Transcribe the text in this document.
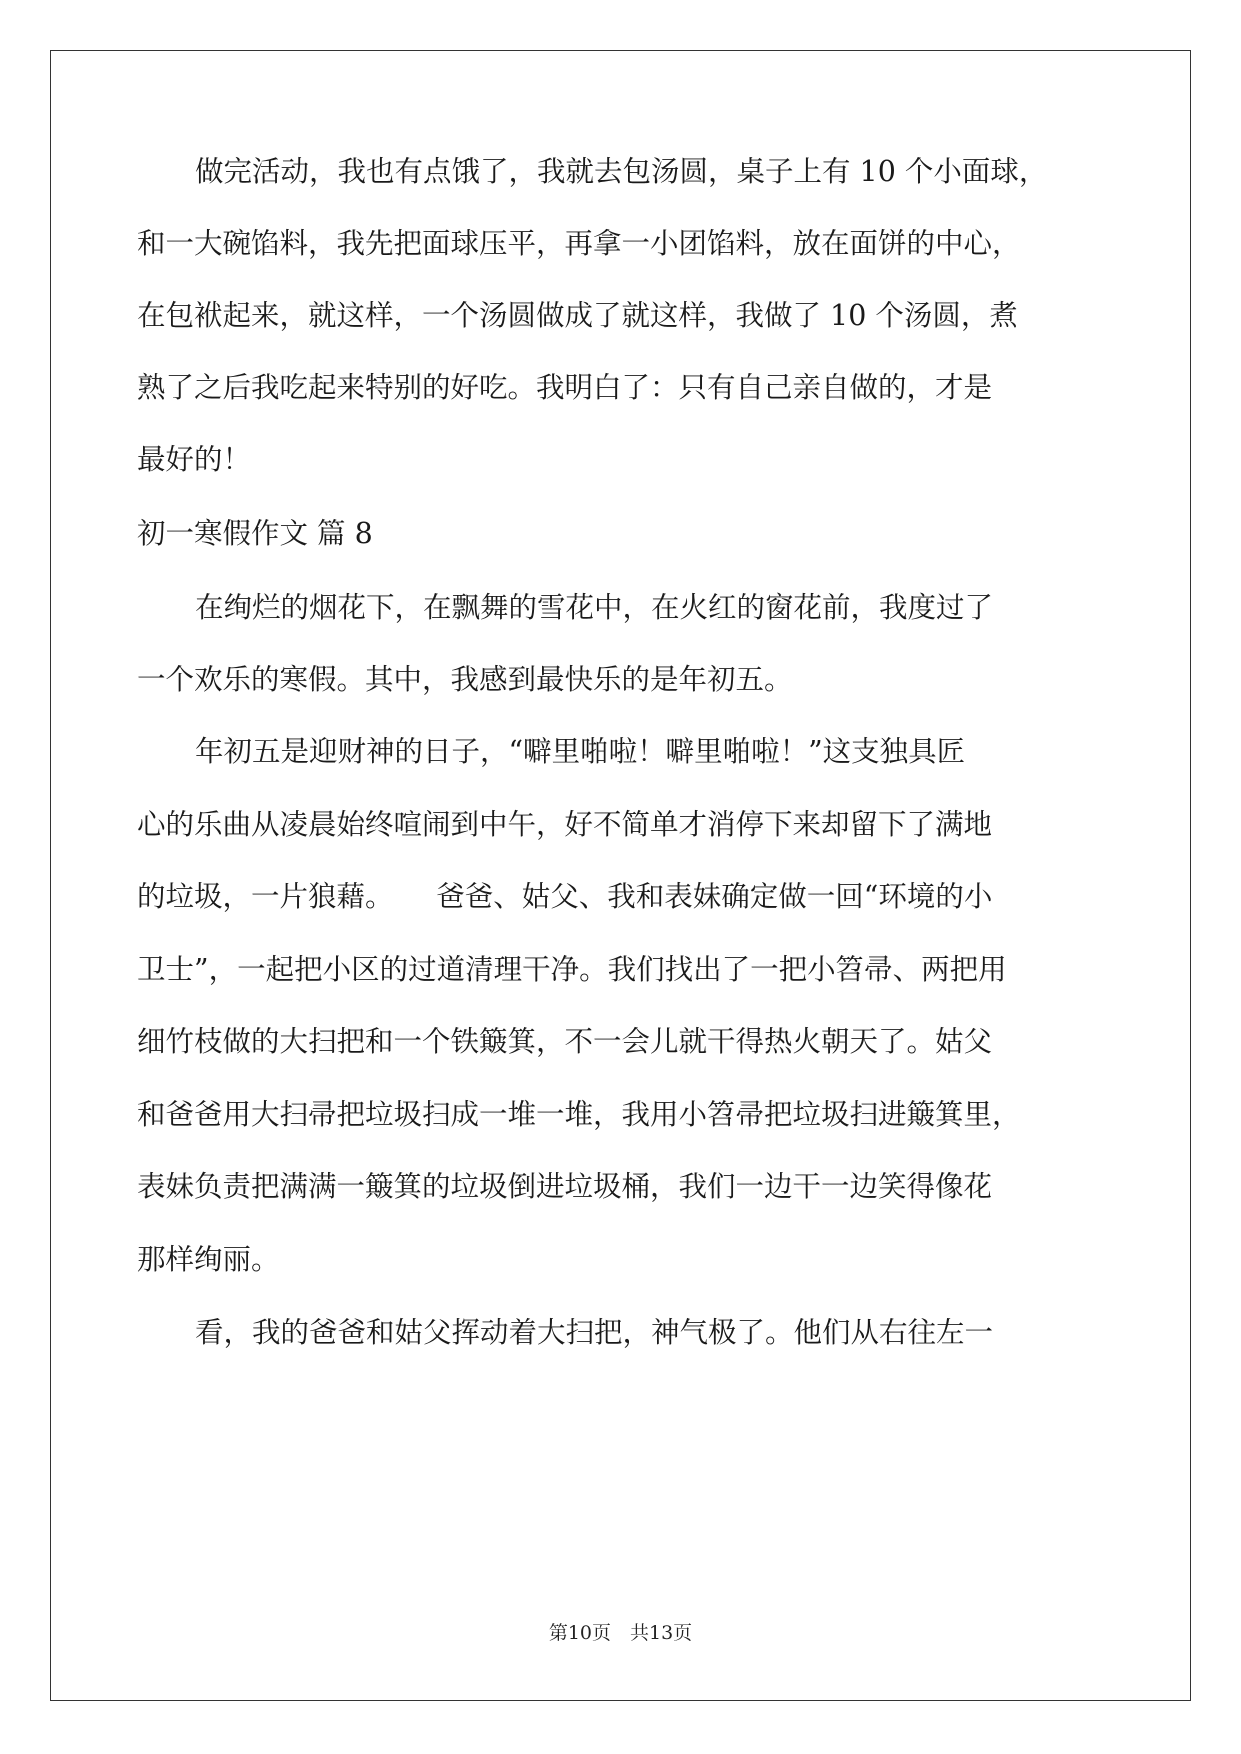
做完活动，我也有点饿了，我就去包汤圆，桌子上有 10 个小面球，

和一大碗馅料，我先把面球压平，再拿一小团馅料，放在面饼的中心，

在包袱起来，就这样，一个汤圆做成了就这样，我做了 10 个汤圆，煮

熟了之后我吃起来特别的好吃。我明白了：只有自己亲自做的，才是

最好的！

初一寒假作文 篇 8

在绚烂的烟花下，在飘舞的雪花中，在火红的窗花前，我度过了

一个欢乐的寒假。其中，我感到最快乐的是年初五。

年初五是迎财神的日子，“噼里啪啦！噼里啪啦！”这支独具匠

心的乐曲从凌晨始终喧闹到中午，好不简单才消停下来却留下了满地

的垃圾，一片狼藉。　　爸爸、姑父、我和表妹确定做一回“环境的小

卫士”，一起把小区的过道清理干净。我们找出了一把小笤帚、两把用

细竹枝做的大扫把和一个铁簸箕，不一会儿就干得热火朝天了。姑父

和爸爸用大扫帚把垃圾扫成一堆一堆，我用小笤帚把垃圾扫进簸箕里，

表妹负责把满满一簸箕的垃圾倒进垃圾桶，我们一边干一边笑得像花

那样绚丽。

看，我的爸爸和姑父挥动着大扫把，神气极了。他们从右往左一

第10页　共13页
